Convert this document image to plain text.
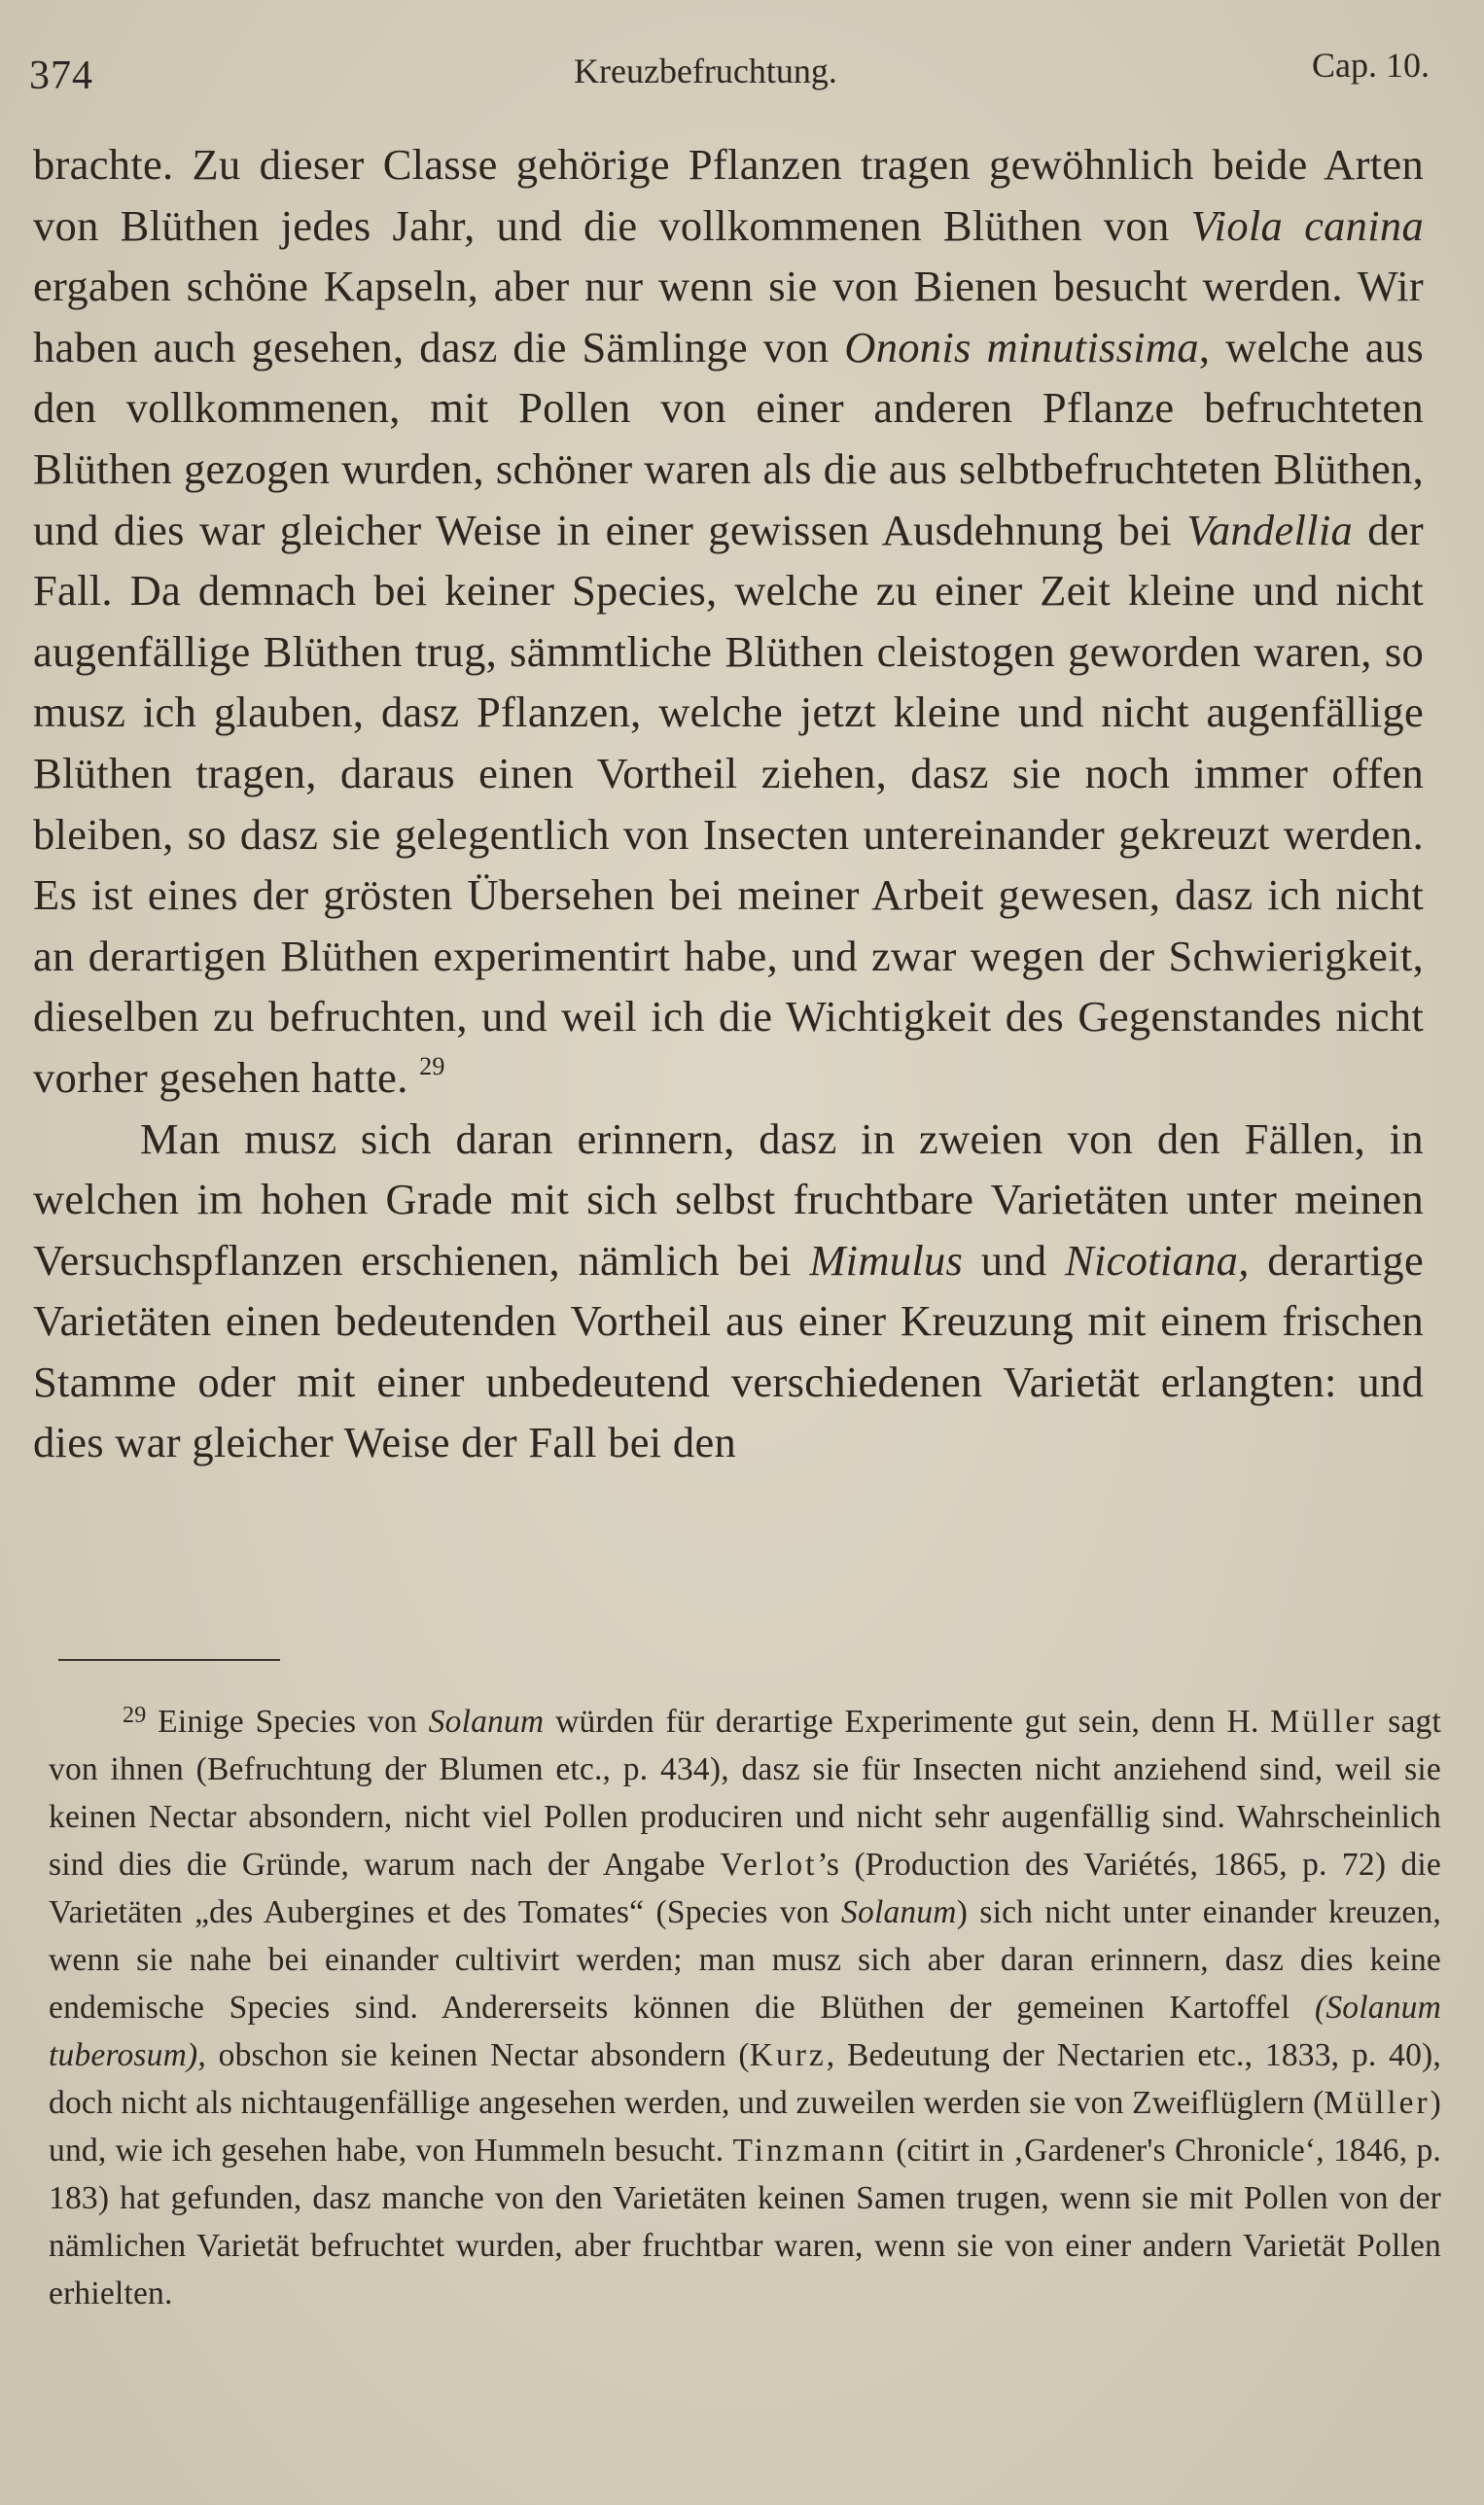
374	Kreuzbefruchtung.	Cap. 10.

brachte. Zu dieser Classe gehörige Pflanzen tragen gewöhnlich beide Arten von Blüthen jedes Jahr, und die vollkommenen Blüthen von Viola canina ergaben schöne Kapseln, aber nur wenn sie von Bienen besucht werden. Wir haben auch gesehen, dasz die Sämlinge von Ononis minutissima, welche aus den vollkommenen, mit Pollen von einer anderen Pflanze befruchteten Blüthen gezogen wurden, schöner waren als die aus selbtbefruchteten Blüthen, und dies war gleicher Weise in einer gewissen Ausdehnung bei Vandellia der Fall. Da demnach bei keiner Species, welche zu einer Zeit kleine und nicht augenfällige Blüthen trug, sämmtliche Blüthen cleistogen geworden waren, so musz ich glauben, dasz Pflanzen, welche jetzt kleine und nicht augenfällige Blüthen tragen, daraus einen Vortheil ziehen, dasz sie noch immer offen bleiben, so dasz sie gelegentlich von Insecten untereinander gekreuzt werden. Es ist eines der grösten Übersehen bei meiner Arbeit gewesen, dasz ich nicht an derartigen Blüthen experimentirt habe, und zwar wegen der Schwierigkeit, dieselben zu befruchten, und weil ich die Wichtigkeit des Gegenstandes nicht vorher gesehen hatte. $^{29}$

Man musz sich daran erinnern, dasz in zweien von den Fällen, in welchen im hohen Grade mit sich selbst fruchtbare Varietäten unter meinen Versuchspflanzen erschienen, nämlich bei Mimulus und Nicotiana, derartige Varietäten einen bedeutenden Vortheil aus einer Kreuzung mit einem frischen Stamme oder mit einer unbedeutend verschiedenen Varietät erlangten: und dies war gleicher Weise der Fall bei den

$^{29}$ Einige Species von Solanum würden für derartige Experimente gut sein, denn H. Müller sagt von ihnen (Befruchtung der Blumen etc., p. 434), dasz sie für Insecten nicht anziehend sind, weil sie keinen Nectar absondern, nicht viel Pollen produciren und nicht sehr augenfällig sind. Wahrscheinlich sind dies die Gründe, warum nach der Angabe Verlot’s (Production des Variétés, 1865, p. 72) die Varietäten „des Aubergines et des Tomates“ (Species von Solanum) sich nicht unter einander kreuzen, wenn sie nahe bei einander cultivirt werden; man musz sich aber daran erinnern, dasz dies keine endemische Species sind. Andererseits können die Blüthen der gemeinen Kartoffel (Solanum tuberosum), obschon sie keinen Nectar absondern (Kurz, Bedeutung der Nectarien etc., 1833, p. 40), doch nicht als nichtaugenfällige angesehen werden, und zuweilen werden sie von Zweiflüglern (Müller) und, wie ich gesehen habe, von Hummeln besucht. Tinzmann (citirt in ‚Gardener's Chronicle‘, 1846, p. 183) hat gefunden, dasz manche von den Varietäten keinen Samen trugen, wenn sie mit Pollen von der nämlichen Varietät befruchtet wurden, aber fruchtbar waren, wenn sie von einer andern Varietät Pollen erhielten.
